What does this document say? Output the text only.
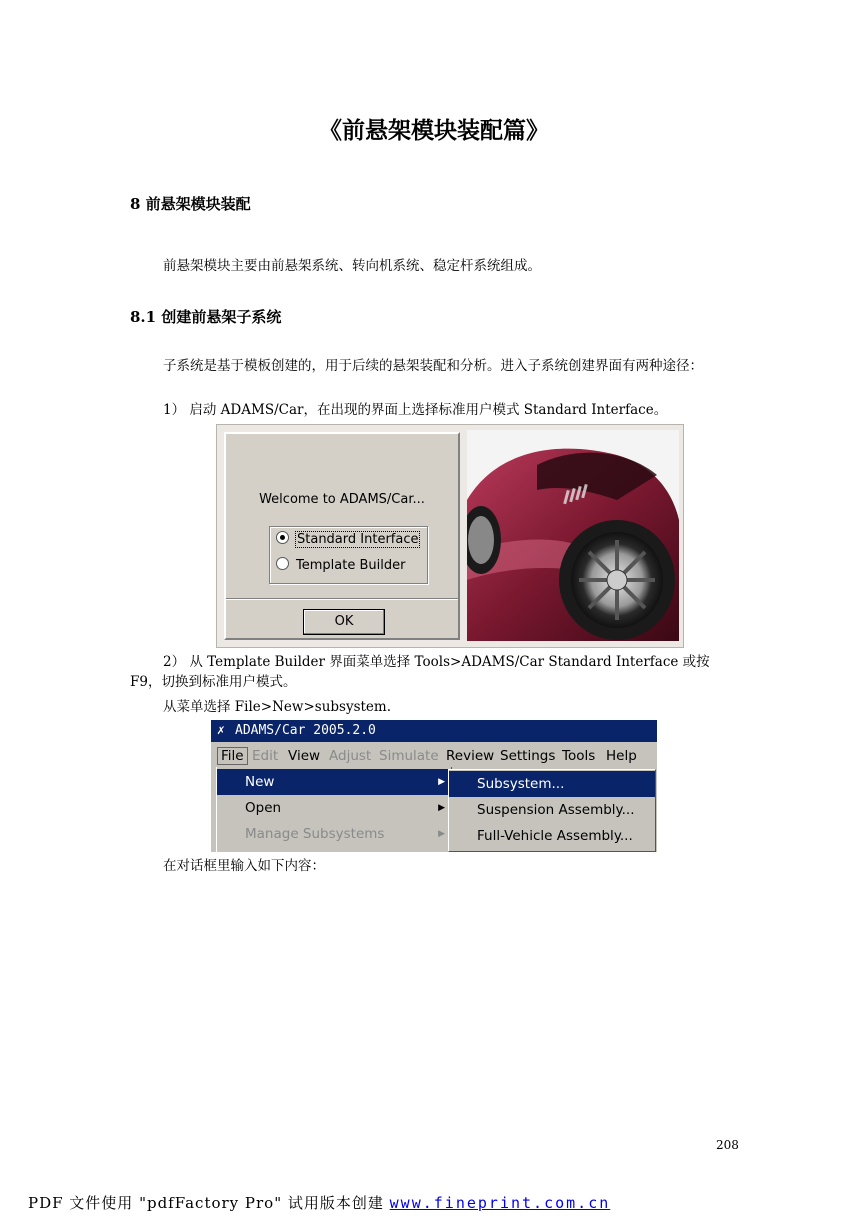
《前悬架模块装配篇》
8 前悬架模块装配
前悬架模块主要由前悬架系统、转向机系统、稳定杆系统组成。
8.1 创建前悬架子系统
子系统是基于模板创建的，用于后续的悬架装配和分析。进入子系统创建界面有两种途径：
1） 启动 ADAMS/Car，在出现的界面上选择标准用户模式 Standard Interface。
Welcome to ADAMS/Car...
Standard Interface
Template Builder
OK
2） 从 Template Builder 界面菜单选择 Tools>ADAMS/Car Standard Interface 或按 F9，切换到标准用户模式。
从菜单选择 File>New>subsystem.
✗ ADAMS/Car 2005.2.0
File Edit View Adjust Simulate Review Settings Tools Help
New	▶
Open	▶
Manage Subsystems	▶
Subsystem...
Suspension Assembly...
Full-Vehicle Assembly...
在对话框里输入如下内容：
208
PDF 文件使用 "pdfFactory Pro" 试用版本创建 www.fineprint.com.cn
